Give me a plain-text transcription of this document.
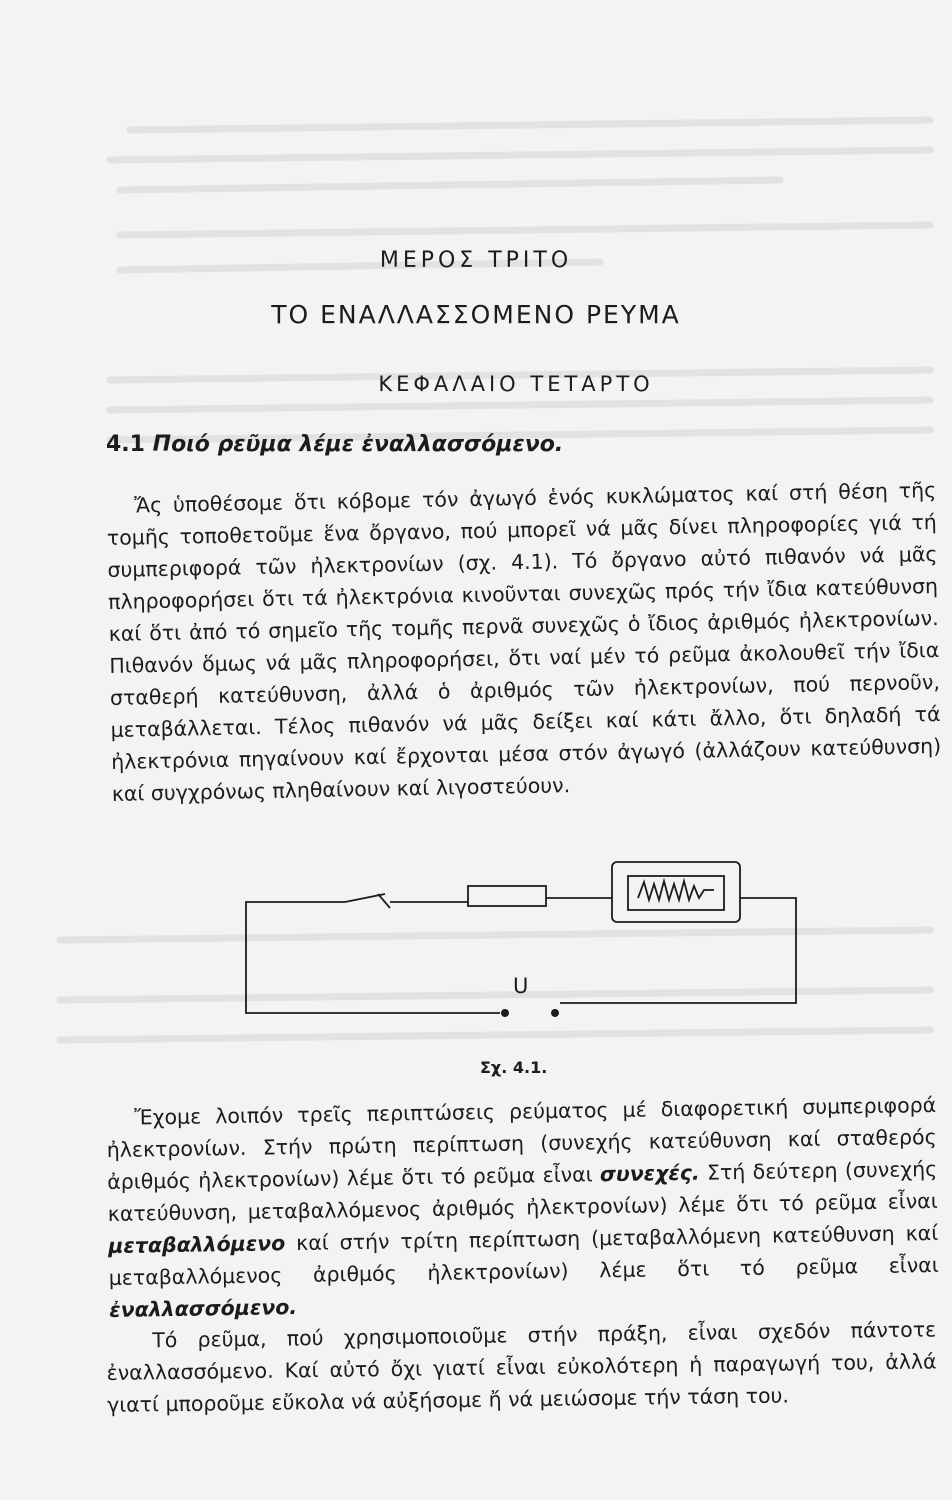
ΜΕΡΟΣ ΤΡΙΤΟ
ΤΟ ΕΝΑΛΛΑΣΣΟΜΕΝΟ ΡΕΥΜΑ
ΚΕΦΑΛΑΙΟ ΤΕΤΑΡΤΟ
4.1 Ποιό ρεῦμα λέμε ἐναλλασσόμενο.

Ἄς ὑποθέσομε ὅτι κόβομε τόν ἀγωγό ἑνός κυκλώματος καί στή θέση τῆς τομῆς τοποθετοῦμε ἕνα ὄργανο, πού μπορεῖ νά μᾶς δίνει πληροφορίες γιά τή συμπεριφορά τῶν ἠλεκτρονίων (σχ. 4.1). Τό ὄργανο αὐτό πιθανόν νά μᾶς πληροφορήσει ὅτι τά ἠλεκτρόνια κινοῦνται συνεχῶς πρός τήν ἴδια κατεύθυνση καί ὅτι ἀπό τό σημεῖο τῆς τομῆς περνᾶ συνεχῶς ὁ ἴδιος ἀριθμός ἠλεκτρονίων. Πιθανόν ὅμως νά μᾶς πληροφορήσει, ὅτι ναί μέν τό ρεῦμα ἀκολουθεῖ τήν ἴδια σταθερή κατεύθυνση, ἀλλά ὁ ἀριθμός τῶν ἠλεκτρονίων, πού περνοῦν, μεταβάλλεται. Τέλος πιθανόν νά μᾶς δείξει καί κάτι ἄλλο, ὅτι δηλαδή τά ἠλεκτρόνια πηγαίνουν καί ἔρχονται μέσα στόν ἀγωγό (ἀλλάζουν κατεύθυνση) καί συγχρόνως πληθαίνουν καί λιγοστεύουν.

U

Σχ. 4.1.

Ἔχομε λοιπόν τρεῖς περιπτώσεις ρεύματος μέ διαφορετική συμπεριφορά ἠλεκτρονίων. Στήν πρώτη περίπτωση (συνεχής κατεύθυνση καί σταθερός ἀριθμός ἠλεκτρονίων) λέμε ὅτι τό ρεῦμα εἶναι συνεχές. Στή δεύτερη (συνεχής κατεύθυνση, μεταβαλλόμενος ἀριθμός ἠλεκτρονίων) λέμε ὅτι τό ρεῦμα εἶναι μεταβαλλόμενο καί στήν τρίτη περίπτωση (μεταβαλλόμενη κατεύθυνση καί μεταβαλλόμενος ἀριθμός ἠλεκτρονίων) λέμε ὅτι τό ρεῦμα εἶναι ἐναλλασσόμενο.

Τό ρεῦμα, πού χρησιμοποιοῦμε στήν πράξη, εἶναι σχεδόν πάντοτε ἐναλλασσόμενο. Καί αὐτό ὄχι γιατί εἶναι εὐκολότερη ἡ παραγωγή του, ἀλλά γιατί μποροῦμε εὔκολα νά αὐξήσομε ἤ νά μειώσομε τήν τάση του.
